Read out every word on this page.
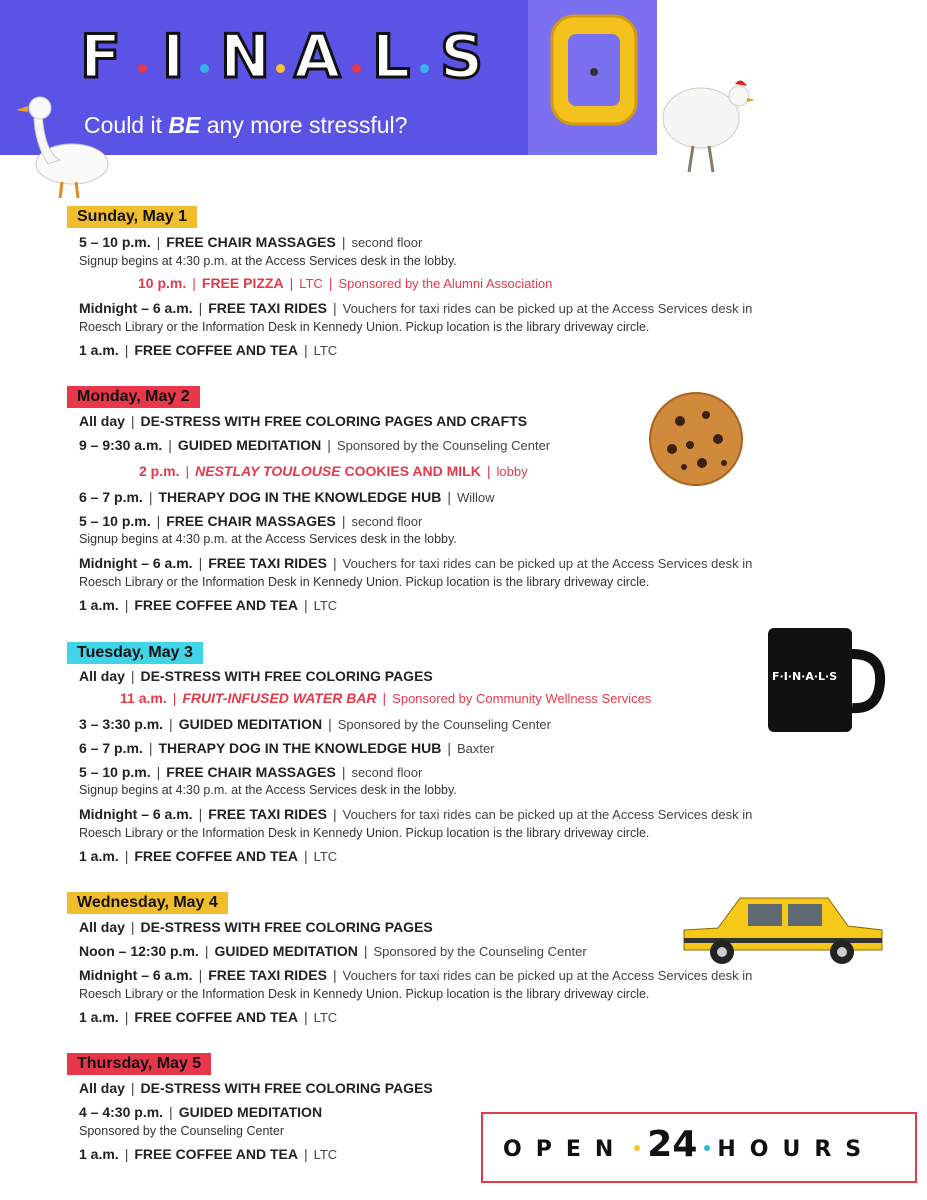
F I N A L S
Could it BE any more stressful?
Sunday, May 1
5 – 10 p.m. | FREE CHAIR MASSAGES | second floor
Signup begins at 4:30 p.m. at the Access Services desk in the lobby.
10 p.m. | FREE PIZZA | LTC | Sponsored by the Alumni Association
Midnight – 6 a.m. | FREE TAXI RIDES | Vouchers for taxi rides can be picked up at the Access Services desk in
Roesch Library or the Information Desk in Kennedy Union. Pickup location is the library driveway circle.
1 a.m. | FREE COFFEE AND TEA | LTC
Monday, May 2
All day | DE-STRESS WITH FREE COLORING PAGES AND CRAFTS
9 – 9:30 a.m. | GUIDED MEDITATION | Sponsored by the Counseling Center
2 p.m. | NESTLAY TOULOUSE COOKIES AND MILK | lobby
6 – 7 p.m. | THERAPY DOG IN THE KNOWLEDGE HUB | Willow
5 – 10 p.m. | FREE CHAIR MASSAGES | second floor
Signup begins at 4:30 p.m. at the Access Services desk in the lobby.
Midnight – 6 a.m. | FREE TAXI RIDES | Vouchers for taxi rides can be picked up at the Access Services desk in
Roesch Library or the Information Desk in Kennedy Union. Pickup location is the library driveway circle.
1 a.m. | FREE COFFEE AND TEA | LTC
Tuesday, May 3
All day | DE-STRESS WITH FREE COLORING PAGES
11 a.m. | FRUIT-INFUSED WATER BAR | Sponsored by Community Wellness Services
3 – 3:30 p.m. | GUIDED MEDITATION | Sponsored by the Counseling Center
6 – 7 p.m. | THERAPY DOG IN THE KNOWLEDGE HUB | Baxter
5 – 10 p.m. | FREE CHAIR MASSAGES | second floor
Signup begins at 4:30 p.m. at the Access Services desk in the lobby.
Midnight – 6 a.m. | FREE TAXI RIDES | Vouchers for taxi rides can be picked up at the Access Services desk in
Roesch Library or the Information Desk in Kennedy Union. Pickup location is the library driveway circle.
1 a.m. | FREE COFFEE AND TEA | LTC
F·I·N·A·L·S
Wednesday, May 4
All day | DE-STRESS WITH FREE COLORING PAGES
Noon – 12:30 p.m. | GUIDED MEDITATION | Sponsored by the Counseling Center
Midnight – 6 a.m. | FREE TAXI RIDES | Vouchers for taxi rides can be picked up at the Access Services desk in
Roesch Library or the Information Desk in Kennedy Union. Pickup location is the library driveway circle.
1 a.m. | FREE COFFEE AND TEA | LTC
Thursday, May 5
All day | DE-STRESS WITH FREE COLORING PAGES
4 – 4:30 p.m. | GUIDED MEDITATION
Sponsored by the Counseling Center
1 a.m. | FREE COFFEE AND TEA | LTC	OPEN 24 HOURS
